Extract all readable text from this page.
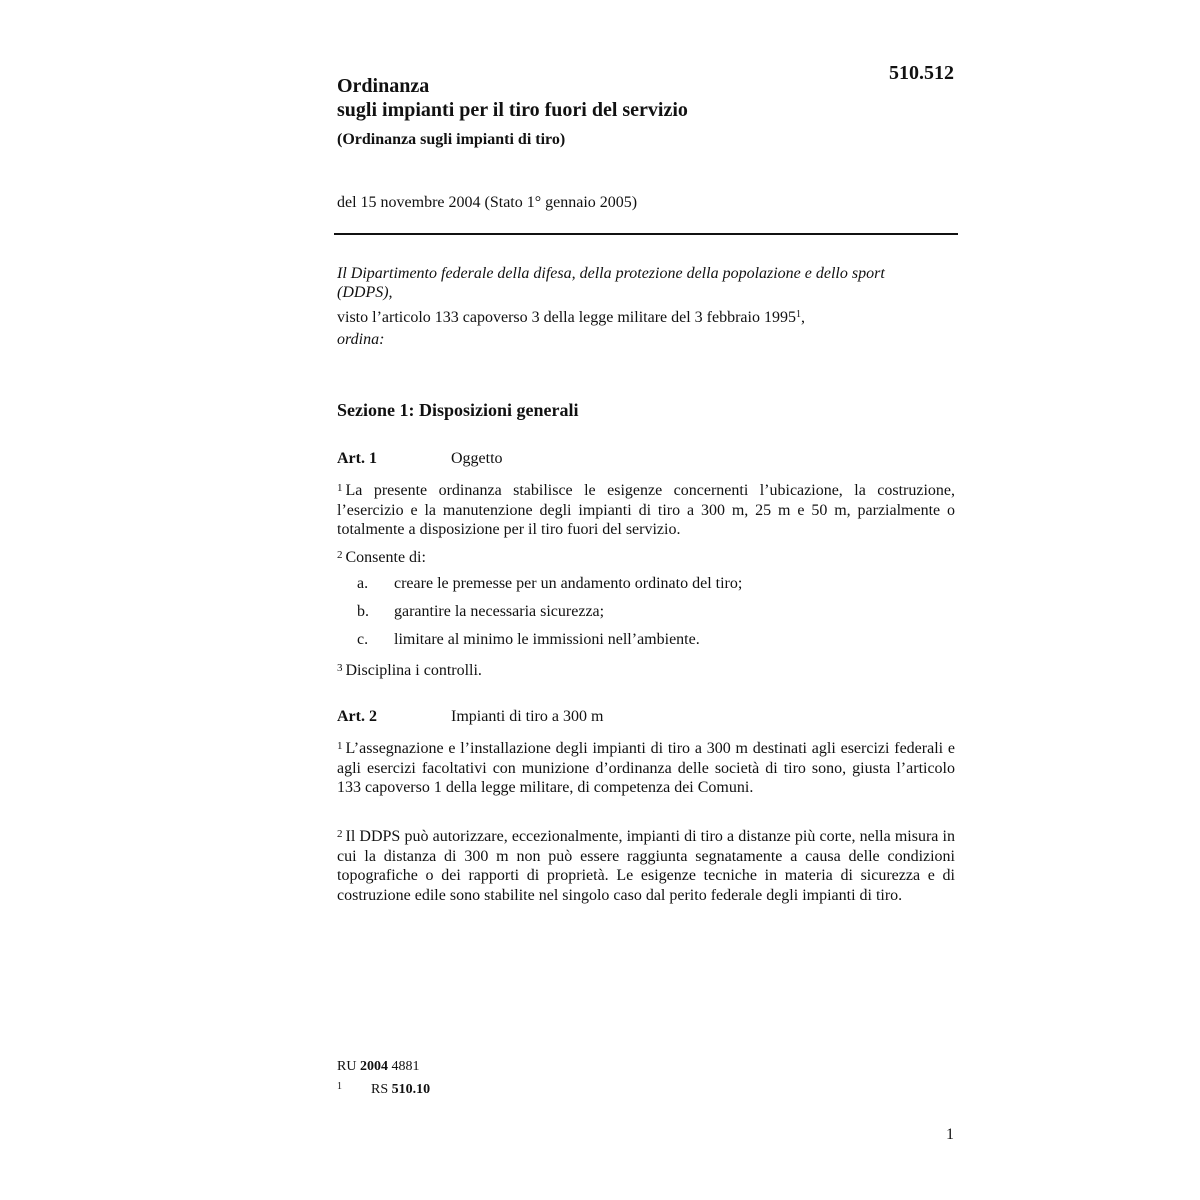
510.512
Ordinanza
sugli impianti per il tiro fuori del servizio
(Ordinanza sugli impianti di tiro)
del 15 novembre 2004 (Stato 1° gennaio 2005)
Il Dipartimento federale della difesa, della protezione della popolazione e dello sport (DDPS),
visto l’articolo 133 capoverso 3 della legge militare del 3 febbraio 1995$^1$,
ordina:
Sezione 1: Disposizioni generali
Art. 1	Oggetto
$^1$ La presente ordinanza stabilisce le esigenze concernenti l’ubicazione, la costruzione, l’esercizio e la manutenzione degli impianti di tiro a 300 m, 25 m e 50 m, parzialmente o totalmente a disposizione per il tiro fuori del servizio.
$^2$ Consente di:
a. creare le premesse per un andamento ordinato del tiro;
b. garantire la necessaria sicurezza;
c. limitare al minimo le immissioni nell’ambiente.
$^3$ Disciplina i controlli.
Art. 2	Impianti di tiro a 300 m
$^1$ L’assegnazione e l’installazione degli impianti di tiro a 300 m destinati agli esercizi federali e agli esercizi facoltativi con munizione d’ordinanza delle società di tiro sono, giusta l’articolo 133 capoverso 1 della legge militare, di competenza dei Comuni.
$^2$ Il DDPS può autorizzare, eccezionalmente, impianti di tiro a distanze più corte, nella misura in cui la distanza di 300 m non può essere raggiunta segnatamente a causa delle condizioni topografiche o dei rapporti di proprietà. Le esigenze tecniche in materia di sicurezza e di costruzione edile sono stabilite nel singolo caso dal perito federale degli impianti di tiro.
RU 2004 4881
1 RS 510.10
1
